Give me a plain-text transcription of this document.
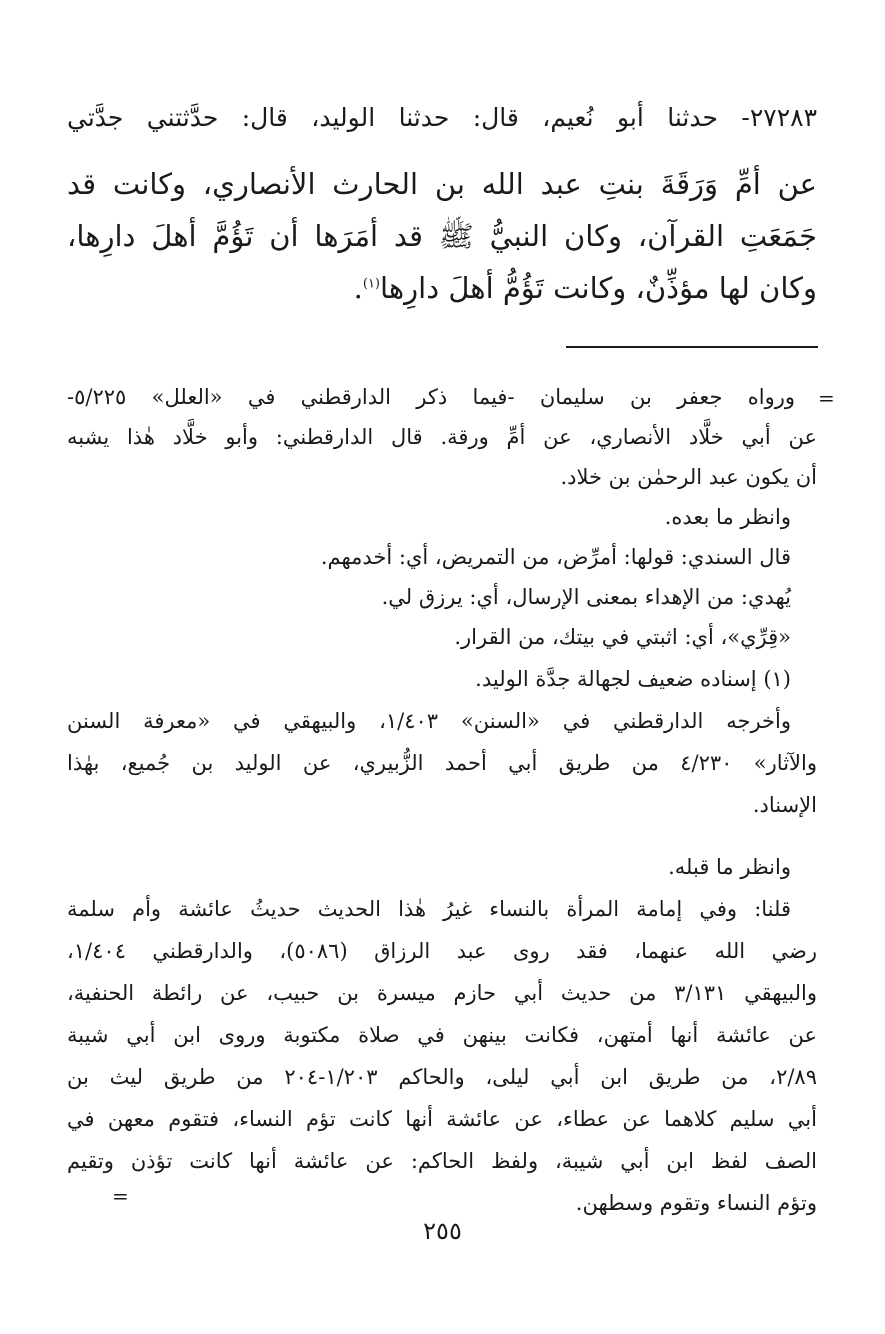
٢٧٢٨٣- حدثنا أبو نُعيم، قال: حدثنا الوليد، قال: حدَّثتني جدَّتي
عن أمِّ وَرَقَةَ بنتِ عبد الله بن الحارث الأنصاري، وكانت قد
جَمَعَتِ القرآن، وكان النبيُّ ﷺ قد أمَرَها أن تَؤُمَّ أهلَ دارِها،
وكان لها مؤذِّنٌ، وكانت تَؤُمُّ أهلَ دارِها$^{(١)}$.
=
ورواه جعفر بن سليمان -فيما ذكر الدارقطني في «العلل» ٥/٢٢٥-
عن أبي خلَّاد الأنصاري، عن أمِّ ورقة. قال الدارقطني: وأبو خلَّاد هٰذا يشبه
أن يكون عبد الرحمٰن بن خلاد.
وانظر ما بعده.
قال السندي: قولها: أمرِّض، من التمريض، أي: أخدمهم.
يُهدي: من الإهداء بمعنى الإرسال، أي: يرزق لي.
«قِرِّي»، أي: اثبتي في بيتك، من القرار.
(١) إسناده ضعيف لجهالة جدَّة الوليد.
وأخرجه الدارقطني في «السنن» ١/٤٠٣، والبيهقي في «معرفة السنن
والآثار» ٤/٢٣٠ من طريق أبي أحمد الزُّبيري، عن الوليد بن جُميع، بهٰذا
الإسناد.
وانظر ما قبله.
قلنا: وفي إمامة المرأة بالنساء غيرُ هٰذا الحديث حديثُ عائشة وأم سلمة
رضي الله عنهما، فقد روى عبد الرزاق (٥٠٨٦)، والدارقطني ١/٤٠٤،
والبيهقي ٣/١٣١ من حديث أبي حازم ميسرة بن حبيب، عن رائطة الحنفية،
عن عائشة أنها أمتهن، فكانت بينهن في صلاة مكتوبة وروى ابن أبي شيبة
٢/٨٩، من طريق ابن أبي ليلى، والحاكم ١/٢٠٣-٢٠٤ من طريق ليث بن
أبي سليم كلاهما عن عطاء، عن عائشة أنها كانت تؤم النساء، فتقوم معهن في
الصف لفظ ابن أبي شيبة، ولفظ الحاكم: عن عائشة أنها كانت تؤذن وتقيم
وتؤم النساء وتقوم وسطهن.
=
٢٥٥
